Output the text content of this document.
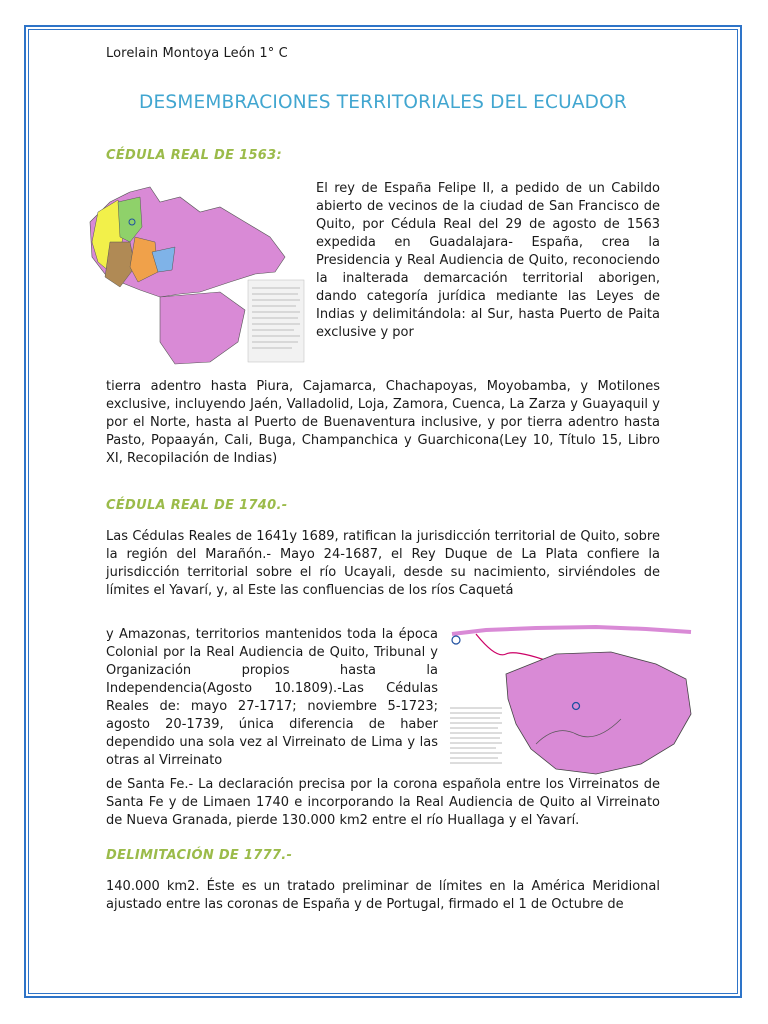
Lorelain Montoya León 1° C
DESMEMBRACIONES TERRITORIALES DEL ECUADOR
CÉDULA REAL DE 1563:

El rey de España Felipe II, a pedido de un Cabildo abierto de vecinos de la ciudad de San Francisco de Quito, por Cédula Real del 29 de agosto de 1563 expedida en Guadalajara- España, crea la Presidencia y Real Audiencia de Quito, reconociendo la inalterada demarcación territorial aborigen, dando categoría jurídica mediante las Leyes de Indias y delimitándola: al Sur, hasta Puerto de Paita exclusive y por

tierra adentro hasta Piura, Cajamarca, Chachapoyas, Moyobamba, y Motilones exclusive, incluyendo Jaén, Valladolid, Loja, Zamora, Cuenca, La Zarza y Guayaquil y por el Norte, hasta al Puerto de Buenaventura inclusive, y por tierra adentro hasta Pasto, Popaayán, Cali, Buga, Champanchica y Guarchicona(Ley 10, Título 15, Libro XI, Recopilación de Indias)

CÉDULA REAL DE 1740.-

Las Cédulas Reales de 1641y 1689, ratifican la jurisdicción territorial de Quito, sobre la región del Marañón.- Mayo 24-1687, el Rey Duque de La Plata confiere la jurisdicción territorial sobre el río Ucayali, desde su nacimiento, sirviéndoles de límites el Yavarí, y, al Este las confluencias de los ríos Caquetá

y Amazonas, territorios mantenidos toda la época Colonial por la Real Audiencia de Quito, Tribunal y Organización propios hasta la Independencia(Agosto 10.1809).-Las Cédulas Reales de: mayo 27-1717; noviembre 5-1723; agosto 20-1739, única diferencia de haber dependido una sola vez al Virreinato de Lima y las otras al Virreinato

de Santa Fe.- La declaración precisa por la corona española entre los Virreinatos de Santa Fe y de Limaen 1740 e incorporando la Real Audiencia de Quito al Virreinato de Nueva Granada, pierde 130.000 km2 entre el río Huallaga y el Yavarí.

DELIMITACIÓN DE 1777.-

140.000 km2. Éste es un tratado preliminar de límites en la América Meridional ajustado entre las coronas de España y de Portugal, firmado el 1 de Octubre de
